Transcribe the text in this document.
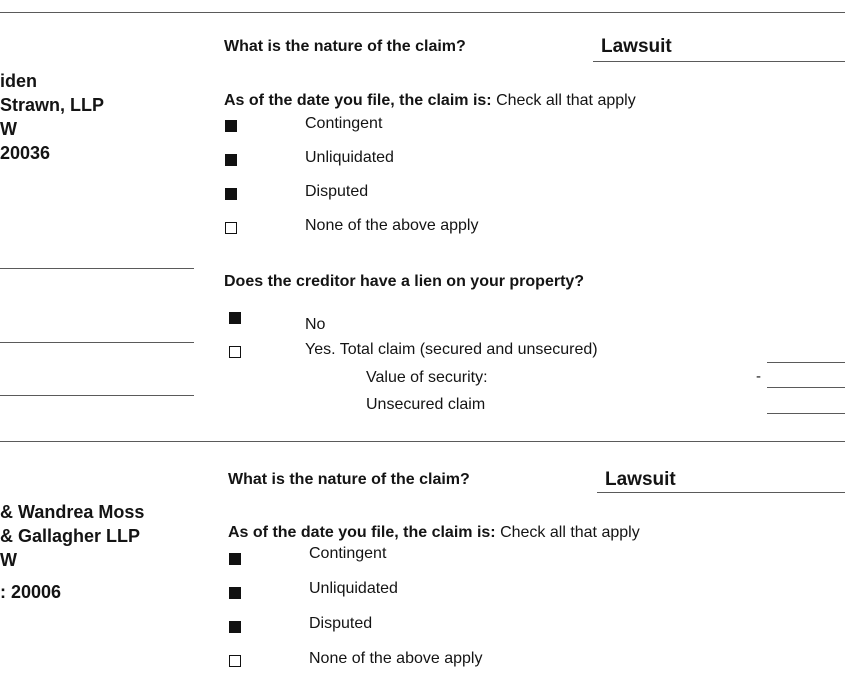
iden
Strawn, LLP
W
20036
What is the nature of the claim?	Lawsuit
As of the date you file, the claim is: Check all that apply
Contingent
Unliquidated
Disputed
None of the above apply
Does the creditor have a lien on your property?
No
Yes. Total claim (secured and unsecured)
Value of security:
Unsecured claim
-
& Wandrea Moss
& Gallagher LLP
W
: 20006
What is the nature of the claim?	Lawsuit
As of the date you file, the claim is: Check all that apply
Contingent
Unliquidated
Disputed
None of the above apply
